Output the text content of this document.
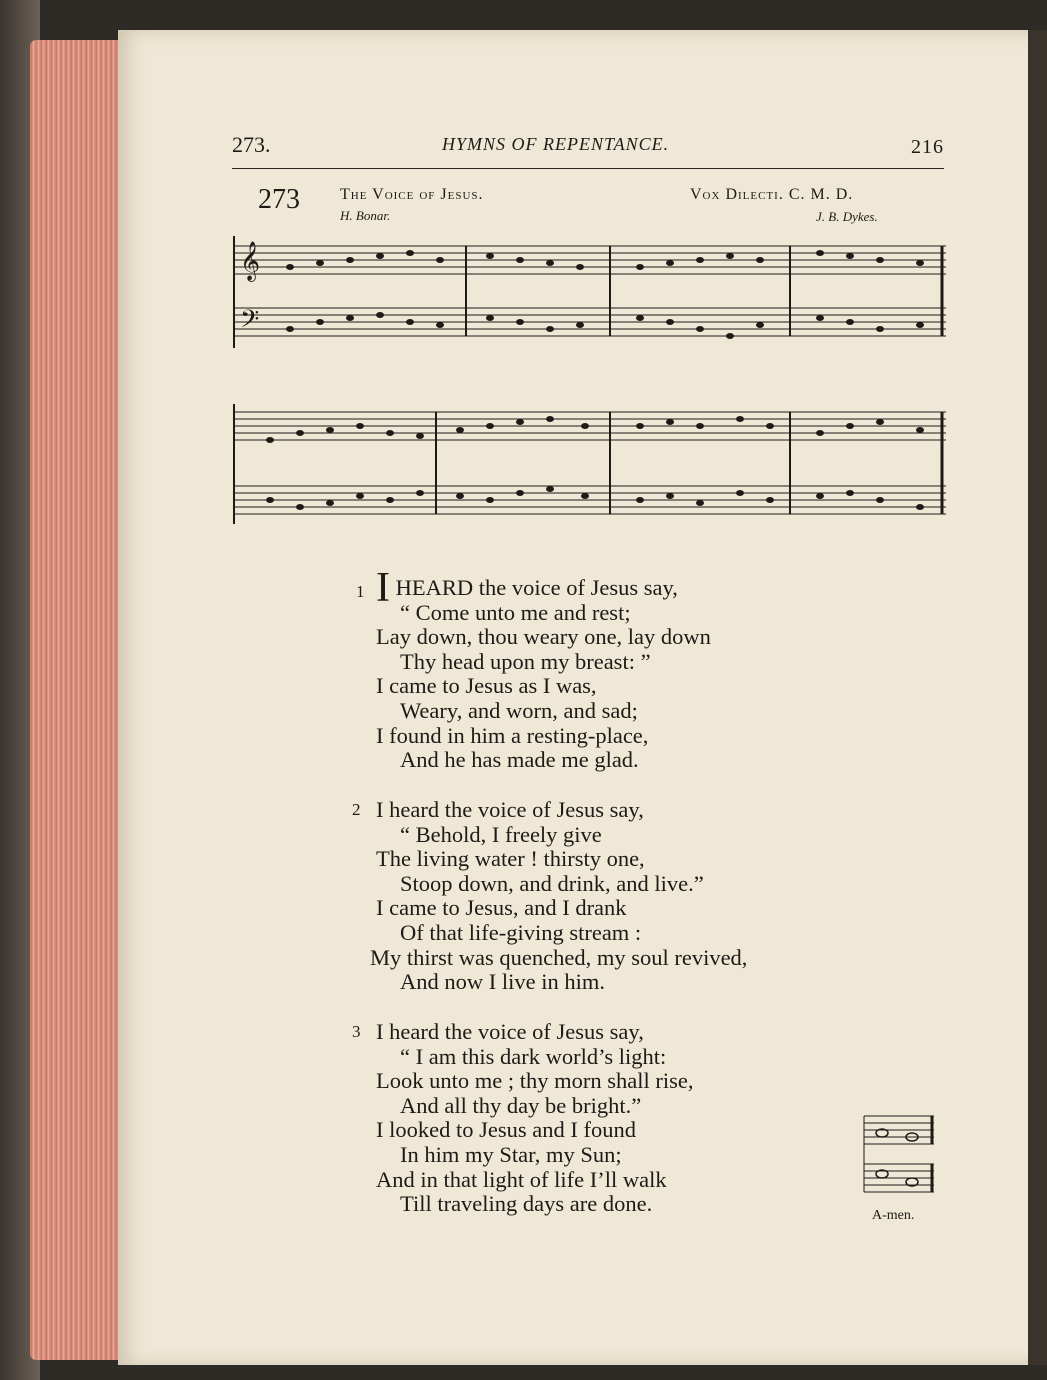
273.	HYMNS OF REPENTANCE.	216
273	The Voice of Jesus.
H. Bonar.
Vox Dilecti. C. M. D.
J. B. Dykes.
𝄞
𝄢
1 I HEARD the voice of Jesus say,
“ Come unto me and rest;
Lay down, thou weary one, lay down
Thy head upon my breast: ”
I came to Jesus as I was,
Weary, and worn, and sad;
I found in him a resting-place,
And he has made me glad.
2 I heard the voice of Jesus say,
“ Behold, I freely give
The living water ! thirsty one,
Stoop down, and drink, and live.”
I came to Jesus, and I drank
Of that life-giving stream :
My thirst was quenched, my soul revived,
And now I live in him.
3 I heard the voice of Jesus say,
“ I am this dark world’s light:
Look unto me ; thy morn shall rise,
And all thy day be bright.”
I looked to Jesus and I found
In him my Star, my Sun;
And in that light of life I’ll walk
Till traveling days are done.	A-men.
